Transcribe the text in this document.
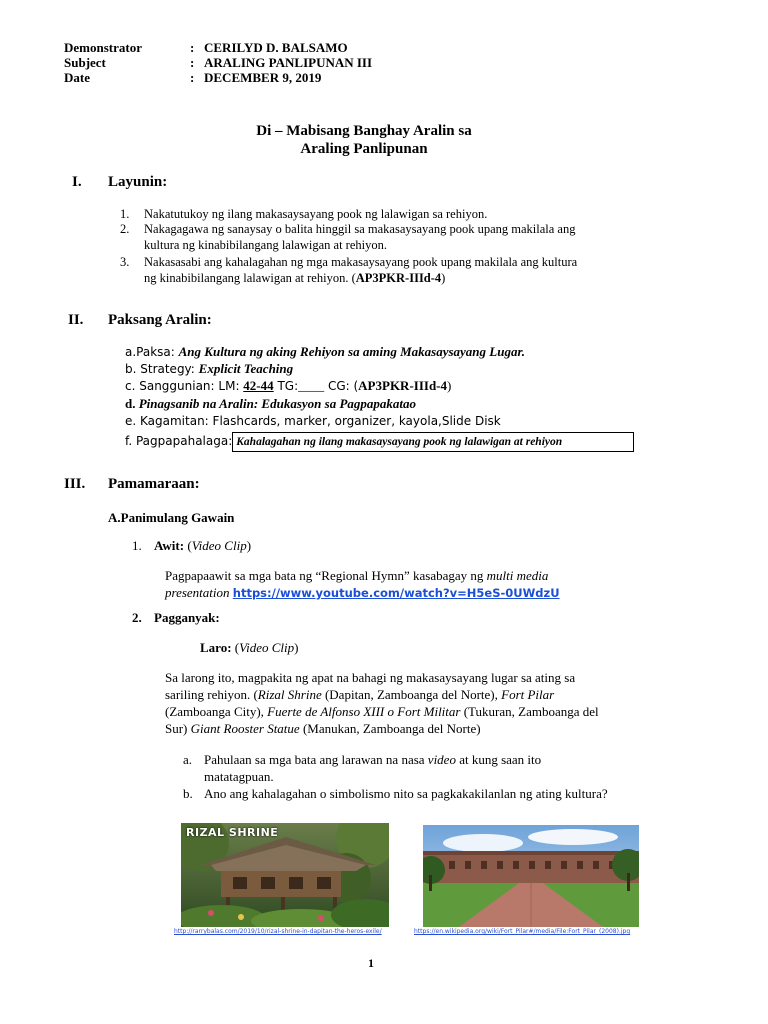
Demonstrator	: CERILYD D. BALSAMO
Subject	: ARALING PANLIPUNAN III
Date	: DECEMBER 9, 2019
Di – Mabisang Banghay Aralin sa
Araling Panlipunan
I. Layunin:
1. Nakatutukoy ng ilang makasaysayang pook ng lalawigan sa rehiyon.
2. Nakagagawa ng sanaysay o balita hinggil sa makasaysayang pook upang makilala ang
kultura ng kinabibilangang lalawigan at rehiyon.
3. Nakasasabi ang kahalagahan ng mga makasaysayang pook upang makilala ang kultura
ng kinabibilangang lalawigan at rehiyon. (AP3PKR-IIId-4)
II. Paksang Aralin:
a.Paksa: Ang Kultura ng aking Rehiyon sa aming Makasaysayang Lugar.
b. Strategy: Explicit Teaching
c. Sanggunian: LM: 42-44 TG:____ CG: (AP3PKR-IIId-4)
d. Pinagsanib na Aralin: Edukasyon sa Pagpapakatao
e. Kagamitan: Flashcards, marker, organizer, kayola,Slide Disk
f. Pagpapahalaga: Kahalagahan ng ilang makasaysayang pook ng lalawigan at rehiyon
III. Pamamaraan:
A.Panimulang Gawain
1. Awit: (Video Clip)
Pagpapaawit sa mga bata ng “Regional Hymn” kasabagay ng multi media
presentation https://www.youtube.com/watch?v=H5eS-0UWdzU
2. Pagganyak:
Laro: (Video Clip)
Sa larong ito, magpakita ng apat na bahagi ng makasaysayang lugar sa ating sa
sariling rehiyon. (Rizal Shrine (Dapitan, Zamboanga del Norte), Fort Pilar
(Zamboanga City), Fuerte de Alfonso XIII o Fort Militar (Tukuran, Zamboanga del
Sur) Giant Rooster Statue (Manukan, Zamboanga del Norte)
a. Pahulaan sa mga bata ang larawan na nasa video at kung saan ito
matatagpuan.
b. Ano ang kahalagahan o simbolismo nito sa pagkakakilanlan ng ating kultura?
RIZAL SHRINE
http://rarrybalas.com/2019/10/rizal-shrine-in-dapitan-the-heros-exile/	https://en.wikipedia.org/wiki/Fort_Pilar#/media/File:Fort_Pilar_(2008).jpg
1
